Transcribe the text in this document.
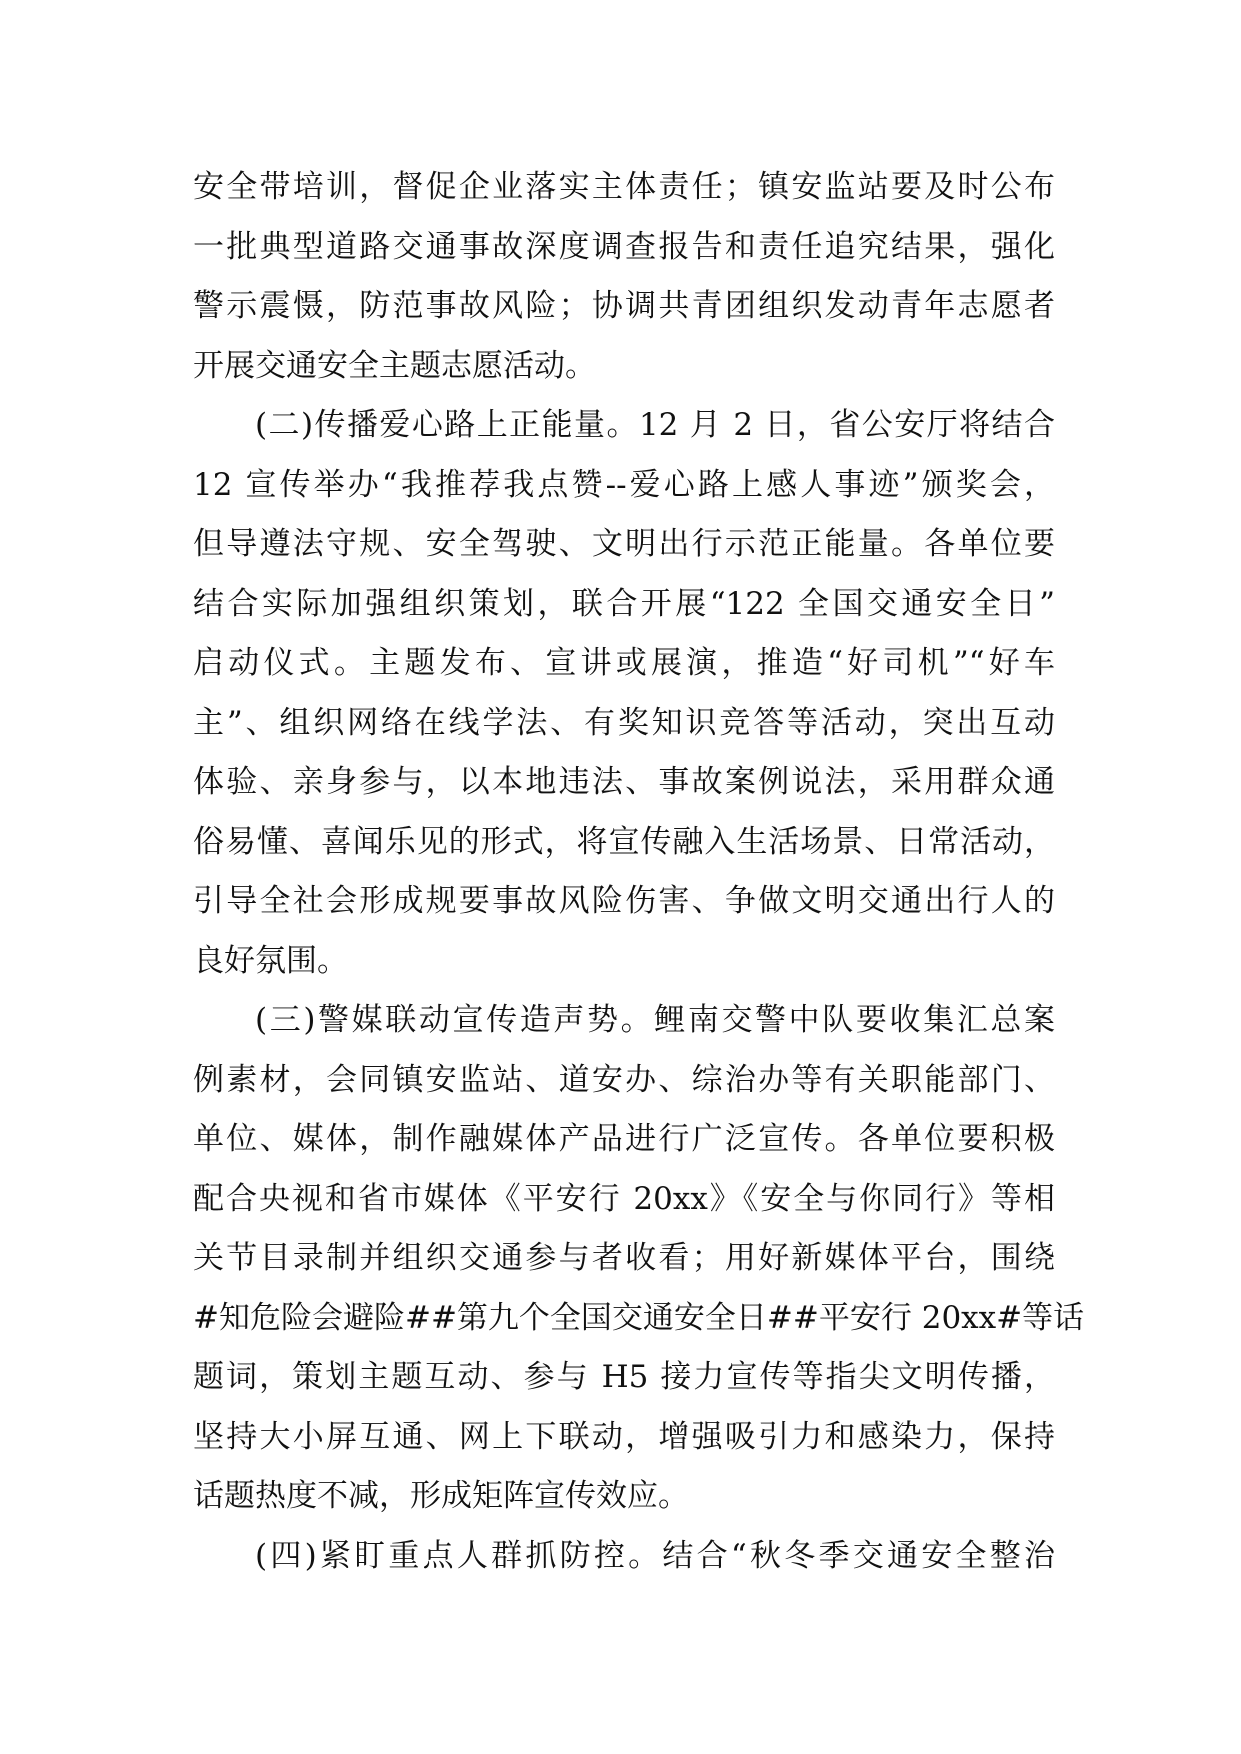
安全带培训，督促企业落实主体责任；镇安监站要及时公布
一批典型道路交通事故深度调查报告和责任追究结果，强化
警示震慑，防范事故风险；协调共青团组织发动青年志愿者
开展交通安全主题志愿活动。
(二)传播爱心路上正能量。12 月 2 日，省公安厅将结合
12 宣传举办“我推荐我点赞--爱心路上感人事迹”颁奖会，
但导遵法守规、安全驾驶、文明出行示范正能量。各单位要
结合实际加强组织策划，联合开展“122 全国交通安全日”
启动仪式。主题发布、宣讲或展演，推造“好司机”“好车
主”、组织网络在线学法、有奖知识竞答等活动，突出互动
体验、亲身参与，以本地违法、事故案例说法，采用群众通
俗易懂、喜闻乐见的形式，将宣传融入生活场景、日常活动，
引导全社会形成规要事故风险伤害、争做文明交通出行人的
良好氛围。
(三)警媒联动宣传造声势。鲤南交警中队要收集汇总案
例素材，会同镇安监站、道安办、综治办等有关职能部门、
单位、媒体，制作融媒体产品进行广泛宣传。各单位要积极
配合央视和省市媒体《平安行 20xx》《安全与你同行》等相
关节目录制并组织交通参与者收看；用好新媒体平台，围绕
#知危险会避险##第九个全国交通安全日##平安行 20xx#等话
题词，策划主题互动、参与 H5 接力宣传等指尖文明传播，
坚持大小屏互通、网上下联动，增强吸引力和感染力，保持
话题热度不减，形成矩阵宣传效应。
(四)紧盯重点人群抓防控。结合“秋冬季交通安全整治
